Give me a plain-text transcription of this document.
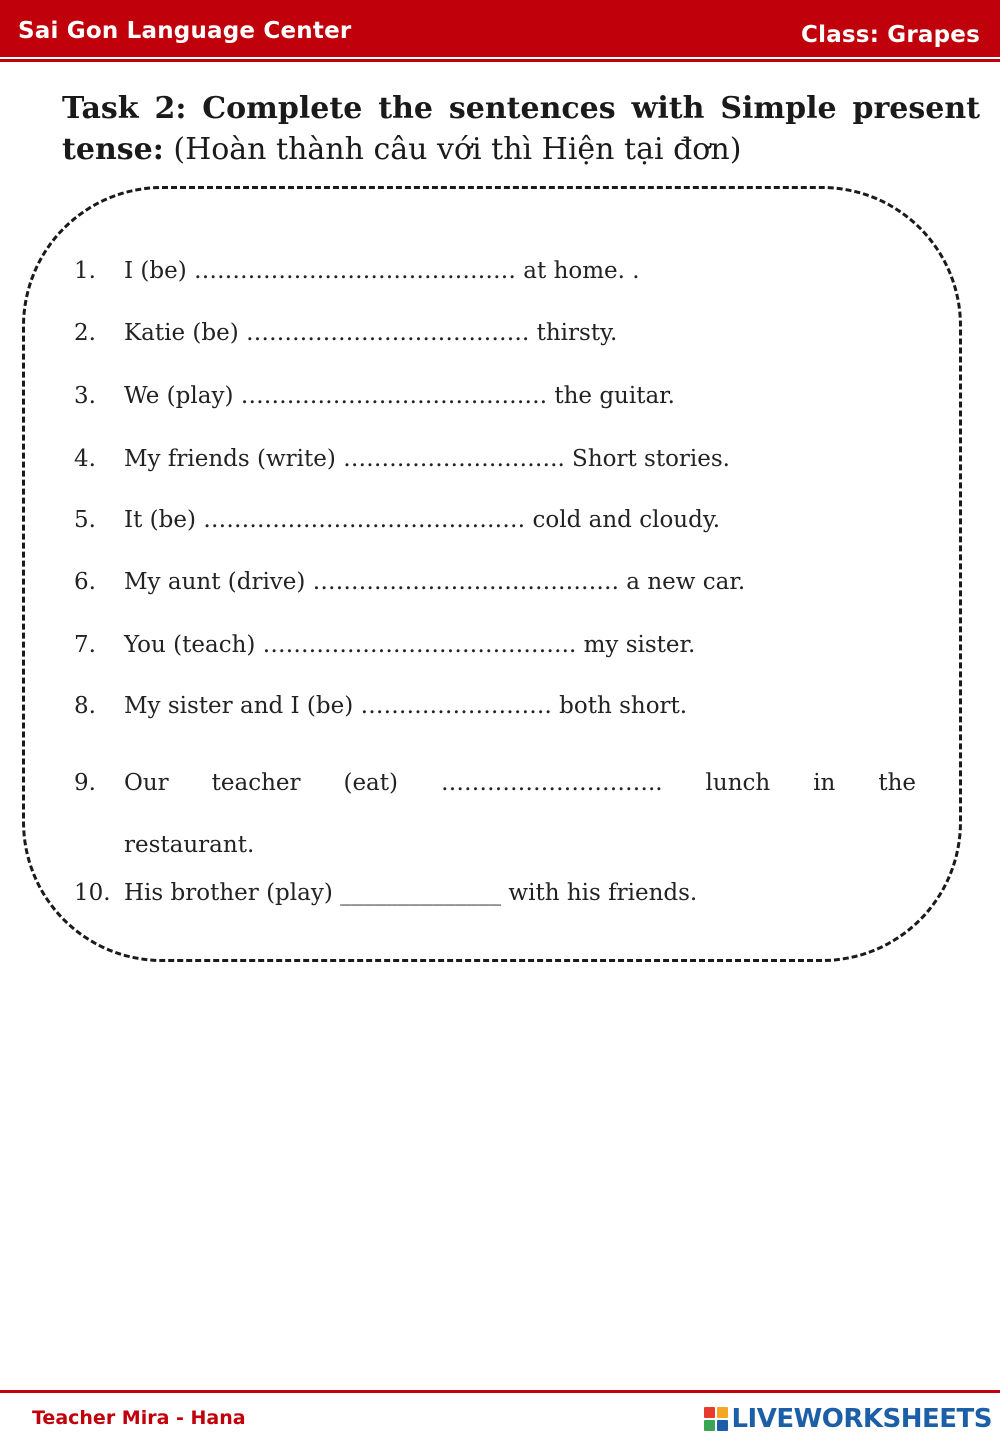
Sai Gon Language Center	Class: Grapes
Task 2: Complete the sentences with Simple present tense: (Hoàn thành câu với thì Hiện tại đơn)
1. I (be) …………………………………… at home. .
2. Katie (be) ………………………………. thirsty.
3. We (play) …………………………………. the guitar.
4. My friends (write) ……………………….. Short stories.
5. It (be) …………………………………… cold and cloudy.
6. My aunt (drive) …………………………………. a new car.
7. You (teach) ………………………………….. my sister.
8. My sister and I (be) ……………………. both short.
9.	Our teacher (eat) ……………………….. lunch in the
restaurant.
10. His brother (play) ______________ with his friends.
Teacher Mira - Hana	LIVEWORKSHEETS
